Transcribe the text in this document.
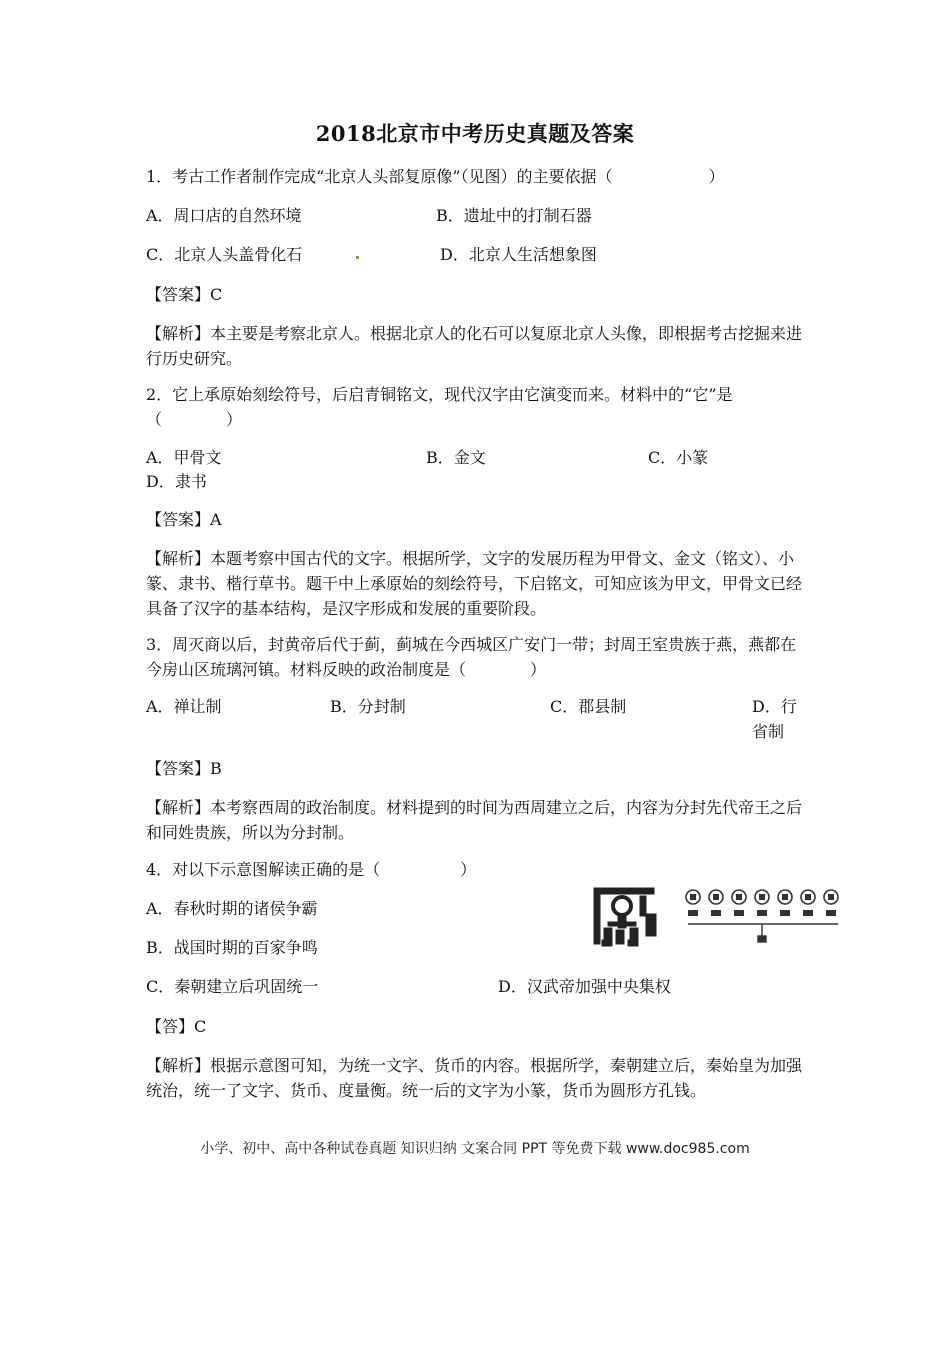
2018北京市中考历史真题及答案
1．考古工作者制作完成“北京人头部复原像”（见图）的主要依据（　　　　　　）
A．周口店的自然环境	B．遗址中的打制石器
C．北京人头盖骨化石	D．北京人生活想象图
【答案】C
【解析】本主要是考察北京人。根据北京人的化石可以复原北京人头像，即根据考古挖掘来进行历史研究。
2．它上承原始刻绘符号，后启青铜铭文，现代汉字由它演变而来。材料中的“它”是（　　　　）
A．甲骨文	B．金文	C．小篆
D．隶书
【答案】A
【解析】本题考察中国古代的文字。根据所学，文字的发展历程为甲骨文、金文（铭文）、小篆、隶书、楷行草书。题干中上承原始的刻绘符号，下启铭文，可知应该为甲文，甲骨文已经具备了汉字的基本结构，是汉字形成和发展的重要阶段。
3．周灭商以后，封黄帝后代于蓟，蓟城在今西城区广安门一带；封周王室贵族于燕，燕都在今房山区琉璃河镇。材料反映的政治制度是（　　　　）
A．禅让制	B．分封制	C．郡县制	D．行省制
【答案】B
【解析】本考察西周的政治制度。材料提到的时间为西周建立之后，内容为分封先代帝王之后和同姓贵族，所以为分封制。
4．对以下示意图解读正确的是（　　　　　）
A．春秋时期的诸侯争霸
B．战国时期的百家争鸣
C．秦朝建立后巩固统一	D．汉武帝加强中央集权
【答】C
【解析】根据示意图可知，为统一文字、货币的内容。根据所学，秦朝建立后，秦始皇为加强统治，统一了文字、货币、度量衡。统一后的文字为小篆，货币为圆形方孔钱。
小学、初中、高中各种试卷真题 知识归纳 文案合同 PPT 等免费下载 www.doc985.com
